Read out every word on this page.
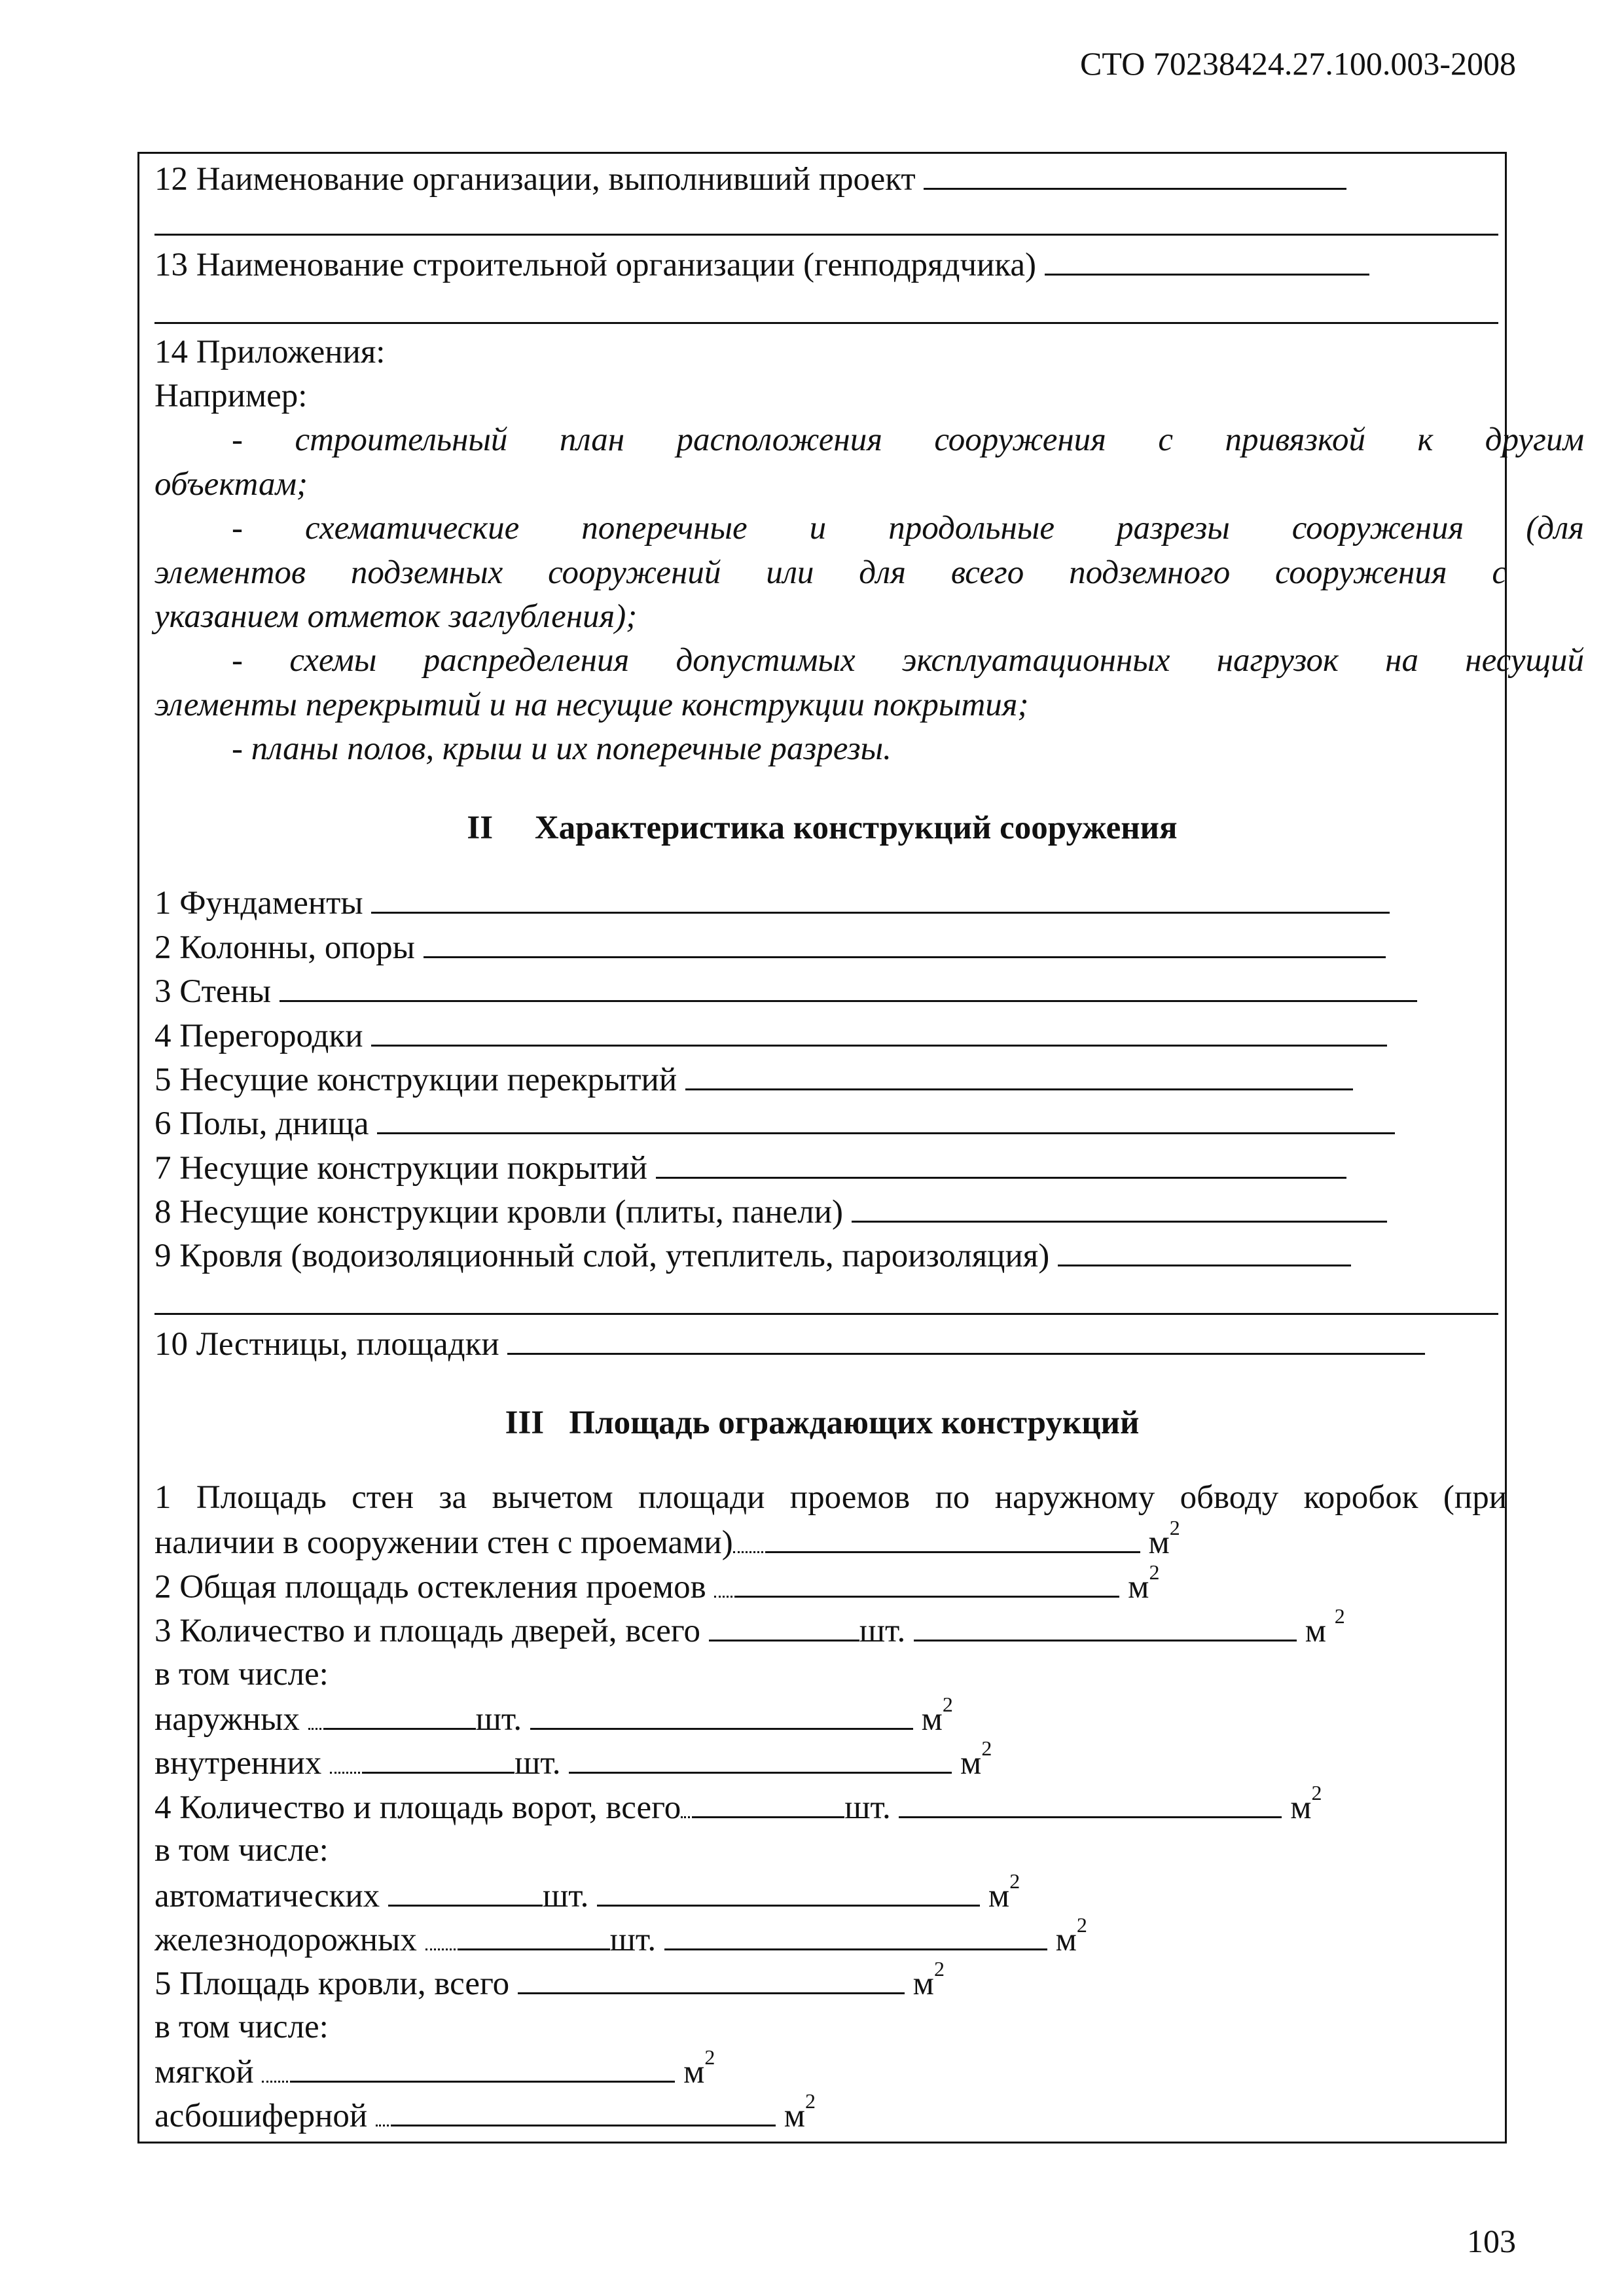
СТО 70238424.27.100.003-2008
12 Наименование организации, выполнивший проект
13 Наименование строительной организации (генподрядчика)
14 Приложения:
Например:
- строительный план расположения сооружения с привязкой к другим
объектам;
- схематические поперечные и продольные разрезы сооружения (для
элементов подземных сооружений или для всего подземного сооружения с
указанием отметок заглубления);
- схемы распределения допустимых эксплуатационных нагрузок на несущий
элементы перекрытий и на несущие конструкции покрытия;
- планы полов, крыш и их поперечные разрезы.
II     Характеристика конструкций сооружения
1 Фундаменты
2 Колонны, опоры
3 Стены
4 Перегородки
5 Несущие конструкции перекрытий
6 Полы, днища
7 Несущие конструкции покрытий
8 Несущие конструкции кровли (плиты, панели)
9 Кровля (водоизоляционный слой, утеплитель, пароизоляция)
10 Лестницы, площадки
III   Площадь ограждающих конструкций
1 Площадь стен за вычетом площади проемов по наружному обводу коробок (при
наличии в сооружении стен с проемами)	$м^2$
2 Общая площадь остекления проемов	$м^2$
3 Количество и площадь дверей, всего	шт.	м $^2$
в том числе:
наружных	шт.	$м^2$
внутренних	шт.	$м^2$
4 Количество и площадь ворот, всего	шт.	$м^2$
в том числе:
автоматических	шт.	$м^2$
железнодорожных	шт.	$м^2$
5 Площадь кровли, всего	$м^2$
в том числе:
мягкой	$м^2$
асбошиферной	$м^2$
103
